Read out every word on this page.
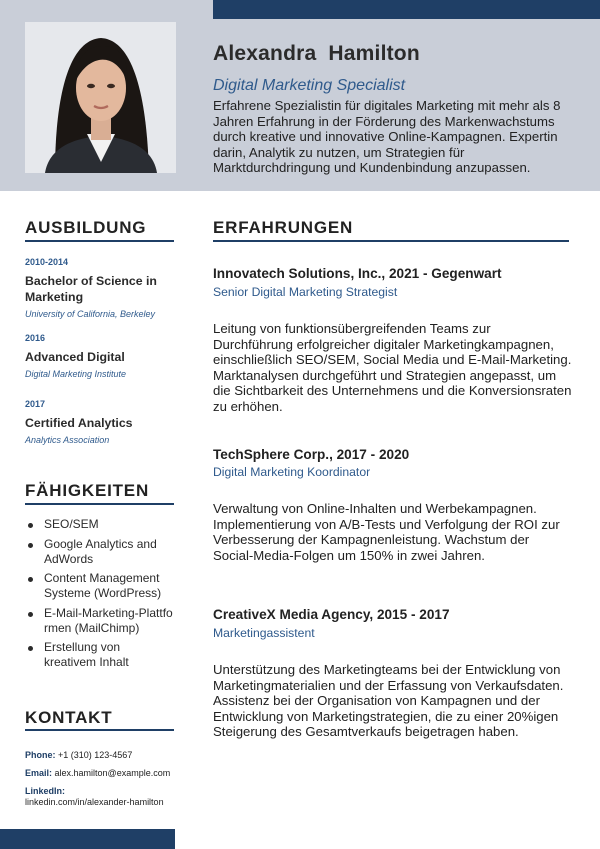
Alexandra  Hamilton
Digital Marketing Specialist
Erfahrene Spezialistin für digitales Marketing mit mehr als 8 Jahren Erfahrung in der Förderung des Markenwachstums durch kreative und innovative Online-Kampagnen. Expertin darin, Analytik zu nutzen, um Strategien für Marktdurchdringung und Kundenbindung anzupassen.
AUSBILDUNG
2010-2014
Bachelor of Science in Marketing
University of California, Berkeley
2016
Advanced Digital
Digital Marketing Institute
2017
Certified Analytics
Analytics Association
FÄHIGKEITEN
SEO/SEM
Google Analytics and AdWords
Content Management Systeme (WordPress)
E-Mail-Marketing-Plattformen (MailChimp)
Erstellung von kreativem Inhalt
KONTAKT
Phone: +1 (310) 123-4567
Email: alex.hamilton@example.com
LinkedIn:
linkedin.com/in/alexander-hamilton
ERFAHRUNGEN
Innovatech Solutions, Inc., 2021 - Gegenwart
Senior Digital Marketing Strategist
Leitung von funktionsübergreifenden Teams zur Durchführung erfolgreicher digitaler Marketingkampagnen, einschließlich SEO/SEM, Social Media und E-Mail-Marketing. Marktanalysen durchgeführt und Strategien angepasst, um die Sichtbarkeit des Unternehmens und die Konversionsraten zu erhöhen.
TechSphere Corp., 2017 - 2020
Digital Marketing Koordinator
Verwaltung von Online-Inhalten und Werbekampagnen. Implementierung von A/B-Tests und Verfolgung der ROI zur Verbesserung der Kampagnenleistung. Wachstum der Social-Media-Folgen um 150% in zwei Jahren.
CreativeX Media Agency, 2015 - 2017
Marketingassistent
Unterstützung des Marketingteams bei der Entwicklung von Marketingmaterialien und der Erfassung von Verkaufsdaten. Assistenz bei der Organisation von Kampagnen und der Entwicklung von Marketingstrategien, die zu einer 20%igen Steigerung des Gesamtverkaufs beigetragen haben.
